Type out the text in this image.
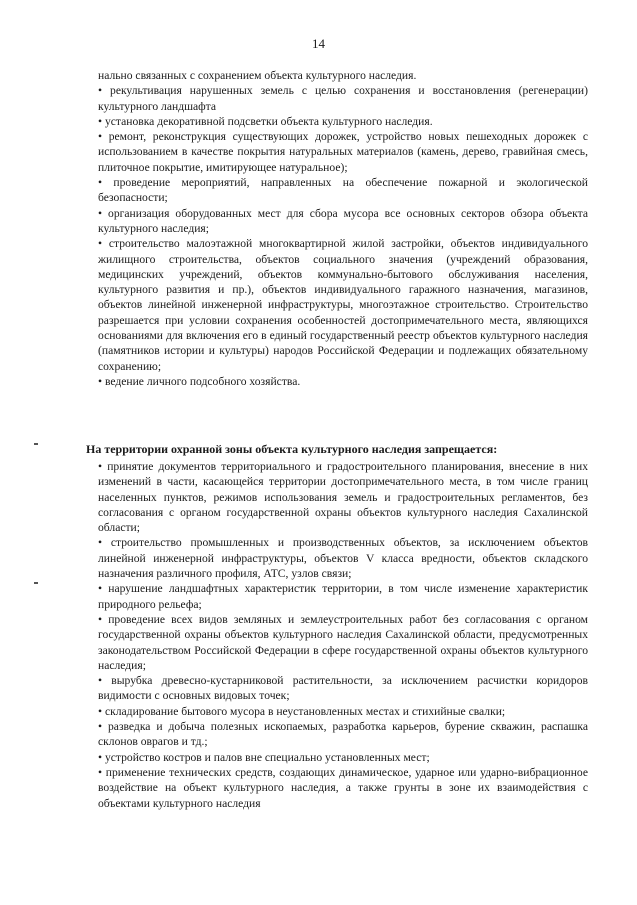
14

нально связанных с сохранением объекта культурного наследия.

• рекультивация нарушенных земель с целью сохранения и восстановления (регенерации) культурного ландшафта

• установка декоративной подсветки объекта культурного наследия.

• ремонт, реконструкция существующих дорожек, устройство новых пешеходных дорожек с использованием в качестве покрытия натуральных материалов (камень, дерево, гравийная смесь, плиточное покрытие, имитирующее натуральное);

• проведение мероприятий, направленных на обеспечение пожарной и экологической безопасности;

• организация оборудованных мест для сбора мусора все основных секторов обзора объекта культурного наследия;

• строительство малоэтажной многоквартирной жилой застройки, объектов индивидуального жилищного строительства, объектов социального значения (учреждений образования, медицинских учреждений, объектов коммунально-бытового обслуживания населения, культурного развития и пр.), объектов индивидуального гаражного назначения, магазинов, объектов линейной инженерной инфраструктуры, многоэтажное строительство. Строительство разрешается при условии сохранения особенностей достопримечательного места, являющихся основаниями для включения его в единый государственный реестр объектов культурного наследия (памятников истории и культуры) народов Российской Федерации и подлежащих обязательному сохранению;

• ведение личного подсобного хозяйства.

На территории охранной зоны объекта культурного наследия запрещается:

• принятие документов территориального и градостроительного планирования, внесение в них изменений в части, касающейся территории достопримечательного места, в том числе границ населенных пунктов, режимов использования земель и градостроительных регламентов, без согласования с органом государственной охраны объектов культурного наследия Сахалинской области;

• строительство промышленных и производственных объектов, за исключением объектов линейной инженерной инфраструктуры, объектов V класса вредности, объектов складского назначения различного профиля, АТС, узлов связи;

• нарушение ландшафтных характеристик территории, в том числе изменение характеристик природного рельефа;

• проведение всех видов земляных и землеустроительных работ без согласования с органом государственной охраны объектов культурного наследия Сахалинской области, предусмотренных законодательством Российской Федерации в сфере государственной охраны объектов культурного наследия;

• вырубка древесно-кустарниковой растительности, за исключением расчистки коридоров видимости с основных видовых точек;

• складирование бытового мусора в неустановленных местах и стихийные свалки;

• разведка и добыча полезных ископаемых, разработка карьеров, бурение скважин, распашка склонов оврагов и тд.;

• устройство костров и палов вне специально установленных мест;

• применение технических средств, создающих динамическое, ударное или ударно-вибрационное воздействие на объект культурного наследия, а также грунты в зоне их взаимодействия с объектами культурного наследия
